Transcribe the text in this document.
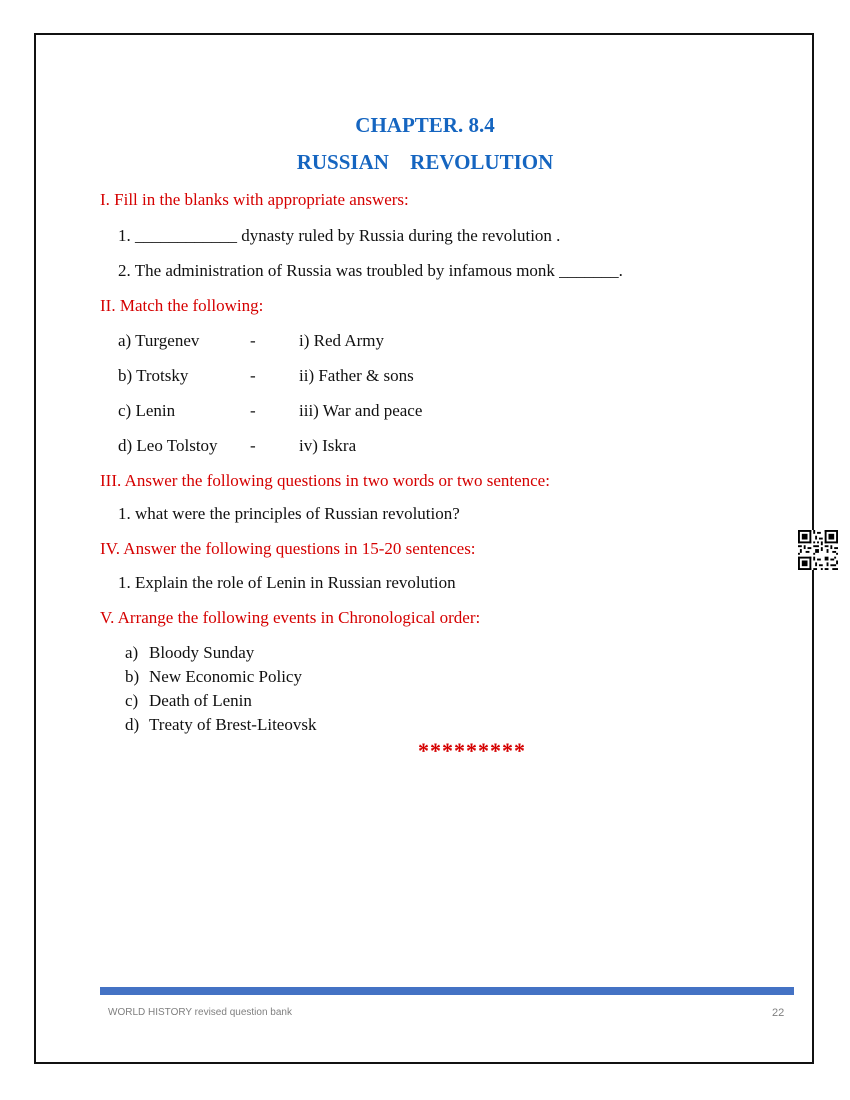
CHAPTER. 8.4
RUSSIAN REVOLUTION

I. Fill in the blanks with appropriate answers:

1. ____________ dynasty ruled by Russia during the revolution .

2. The administration of Russia was troubled by infamous monk _______.

II. Match the following:

a) Turgenev	-	i) Red Army
b) Trotsky	-	ii) Father & sons
c) Lenin	-	iii) War and peace
d) Leo Tolstoy -	iv) Iskra

III. Answer the following questions in two words or two sentence:

1. what were the principles of Russian revolution?

IV. Answer the following questions in 15-20 sentences:

1. Explain the role of Lenin in Russian revolution

V. Arrange the following events in Chronological order:

a) Bloody Sunday
b) New Economic Policy
c) Death of Lenin
d) Treaty of Brest-Liteovsk
*********
WORLD HISTORY revised question bank	22
